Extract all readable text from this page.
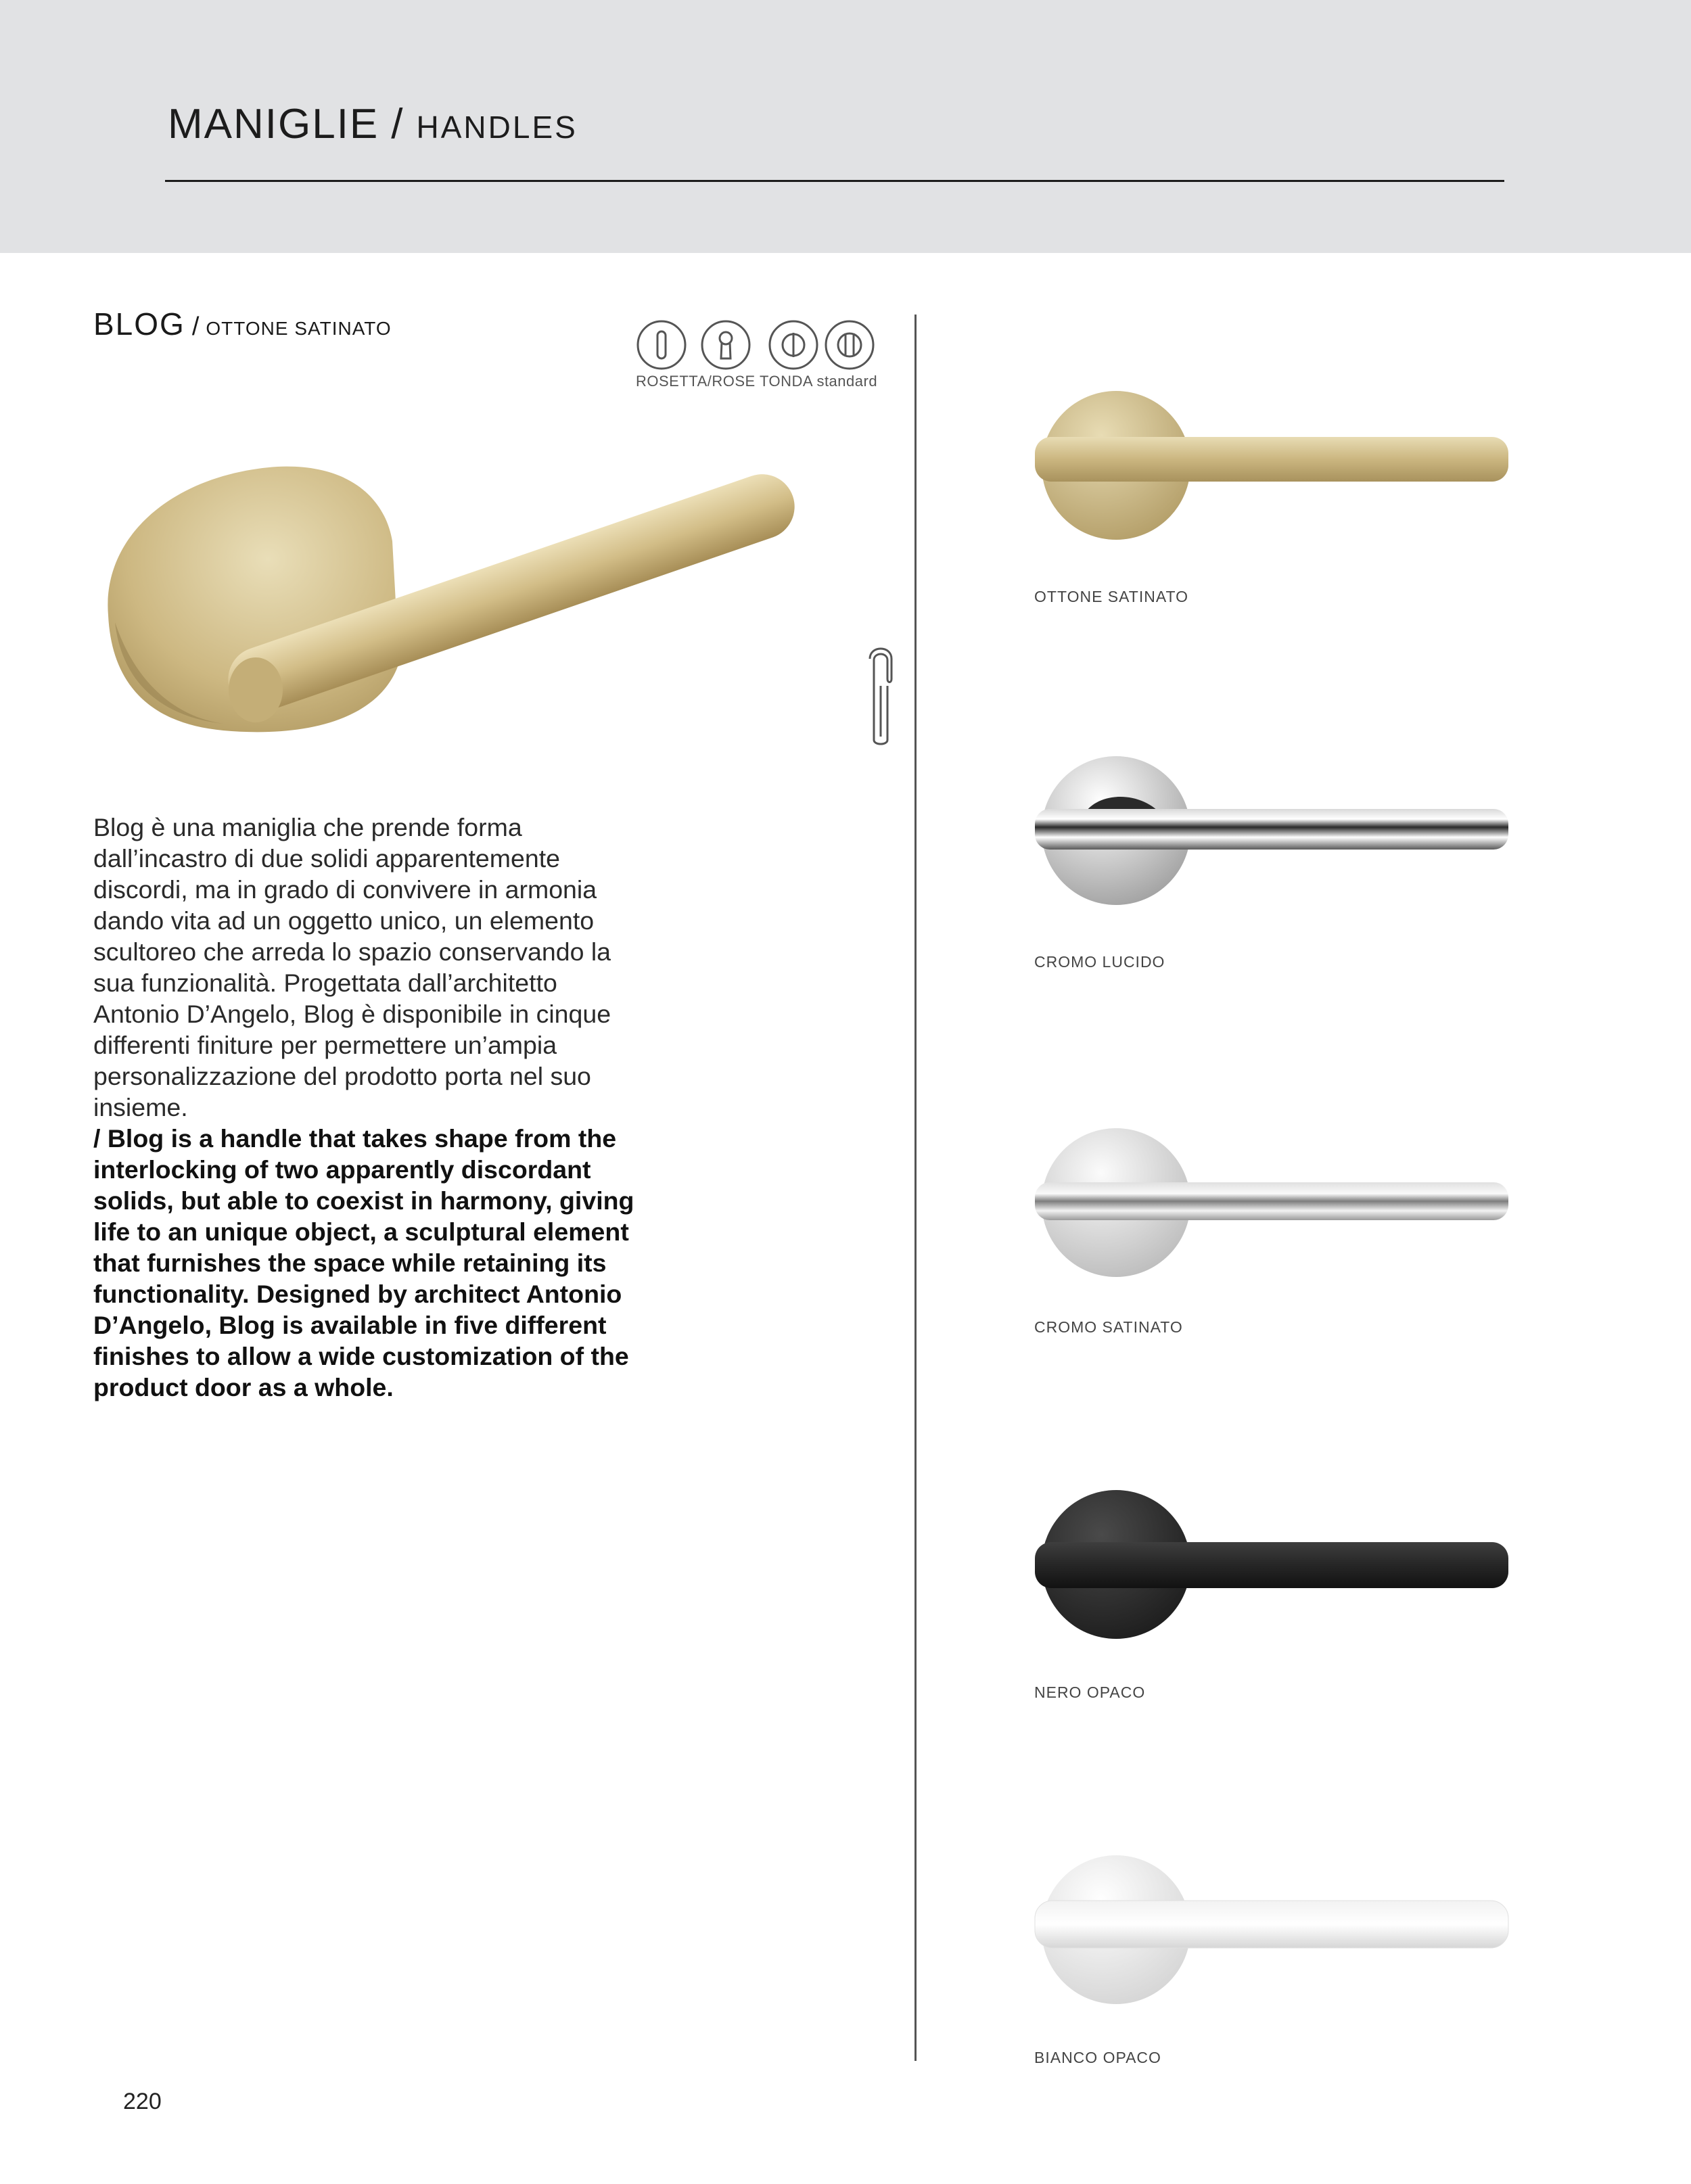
MANIGLIE / HANDLES
BLOG / OTTONE SATINATO
ROSETTA/ROSE TONDA standard

Blog è una maniglia che prende forma dall’incastro di due solidi apparentemente discordi, ma in grado di convivere in armonia dando vita ad un oggetto unico, un elemento scultoreo che arreda lo spazio conservando la sua funzionalità. Progettata dall’architetto Antonio D’Angelo, Blog è disponibile in cinque differenti finiture per permettere un’ampia personalizzazione del prodotto porta nel suo insieme.

/ Blog is a handle that takes shape from the interlocking of two apparently discordant solids, but able to coexist in harmony, giving life to an unique object, a sculptural element that furnishes the space while retaining its functionality. Designed by architect Antonio D’Angelo, Blog is available in five different finishes to allow a wide customization of the product door as a whole.

OTTONE SATINATO
CROMO LUCIDO
CROMO SATINATO
NERO OPACO
BIANCO OPACO
220
